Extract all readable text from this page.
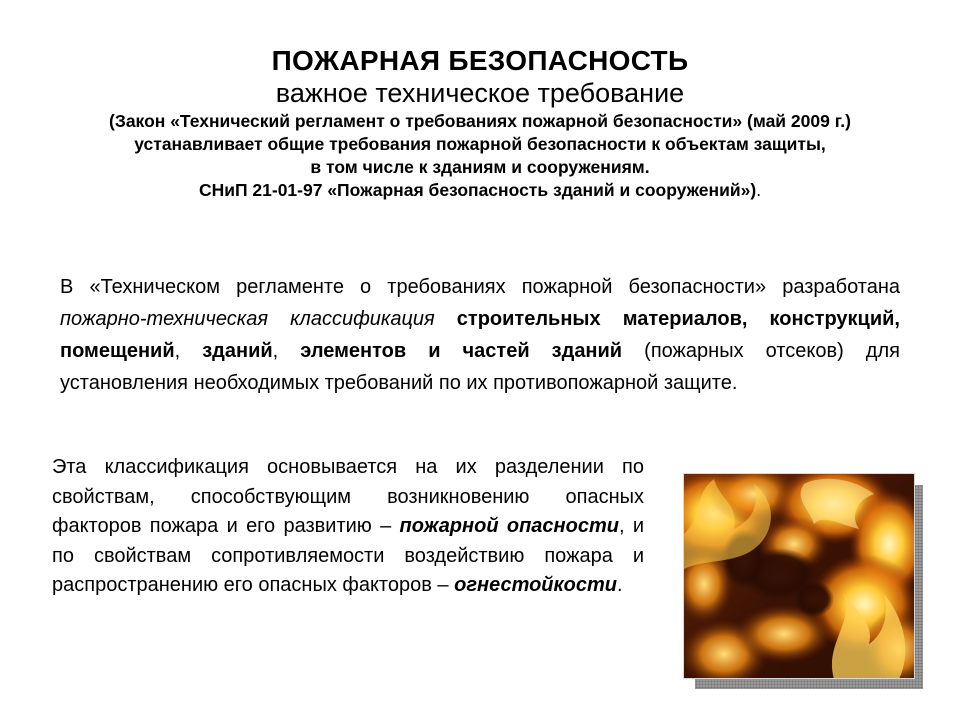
ПОЖАРНАЯ БЕЗОПАСНОСТЬ
важное техническое требование
(Закон «Технический регламент о требованиях пожарной безопасности» (май 2009 г.)
устанавливает общие требования пожарной безопасности к объектам защиты,
в том числе к зданиям и сооружениям.
СНиП 21-01-97 «Пожарная безопасность зданий и сооружений»).
В «Техническом регламенте о требованиях пожарной безопасности» разработана пожарно-техническая классификация строительных материалов, конструкций, помещений, зданий, элементов и частей зданий (пожарных отсеков) для установления необходимых требований по их противопожарной защите.
Эта классификация основывается на их разделении по свойствам, способствующим возникновению опасных факторов пожара и его развитию – пожарной опасности, и по свойствам сопротивляемости воздействию пожара и распространению его опасных факторов – огнестойкости.
